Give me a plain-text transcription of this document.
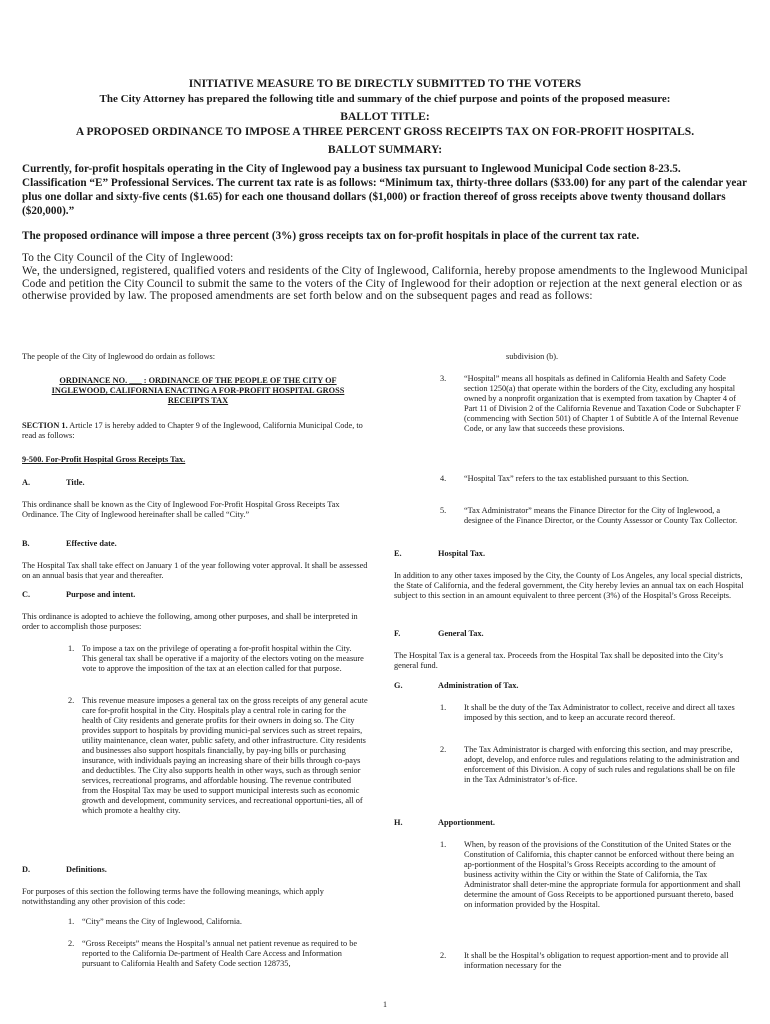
INITIATIVE MEASURE TO BE DIRECTLY SUBMITTED TO THE VOTERS
The City Attorney has prepared the following title and summary of the chief purpose and points of the proposed measure:
BALLOT TITLE:
A PROPOSED ORDINANCE TO IMPOSE A THREE PERCENT GROSS RECEIPTS TAX ON FOR-PROFIT HOSPITALS.
BALLOT SUMMARY:
Currently, for-profit hospitals operating in the City of Inglewood pay a business tax pursuant to Inglewood Municipal Code section 8-23.5. Classification “E” Professional Services. The current tax rate is as follows: “Minimum tax, thirty-three dollars ($33.00) for any part of the calendar year plus one dollar and sixty-five cents ($1.65) for each one thousand dollars ($1,000) or fraction thereof of gross receipts above twenty thousand dollars ($20,000).”
The proposed ordinance will impose a three percent (3%) gross receipts tax on for-profit hospitals in place of the current tax rate.
To the City Council of the City of Inglewood:
We, the undersigned, registered, qualified voters and residents of the City of Inglewood, California, hereby propose amendments to the Inglewood Municipal Code and petition the City Council to submit the same to the voters of the City of Inglewood for their adoption or rejection at the next general election or as otherwise provided by law. The proposed amendments are set forth below and on the subsequent pages and read as follows:
The people of the City of Inglewood do ordain as follows:
ORDINANCE NO. ___ : ORDINANCE OF THE PEOPLE OF THE CITY OF INGLEWOOD, CALIFORNIA ENACTING A FOR-PROFIT HOSPITAL GROSS RECEIPTS TAX
SECTION 1. Article 17 is hereby added to Chapter 9 of the Inglewood, California Municipal Code, to read as follows:
9-500. For-Profit Hospital Gross Receipts Tax.
A.	Title.
This ordinance shall be known as the City of Inglewood For-Profit Hospital Gross Receipts Tax Ordinance. The City of Inglewood hereinafter shall be called “City.”
B.	Effective date.
The Hospital Tax shall take effect on January 1 of the year following voter approval. It shall be assessed on an annual basis that year and thereafter.
C.	Purpose and intent.
This ordinance is adopted to achieve the following, among other purposes, and shall be interpreted in order to accomplish those purposes:
1. To impose a tax on the privilege of operating a for-profit hospital within the City. This general tax shall be operative if a majority of the electors voting on the measure vote to approve the imposition of the tax at an election called for that purpose.
2. This revenue measure imposes a general tax on the gross receipts of any general acute care for-profit hospital in the City. Hospitals play a central role in caring for the health of City residents and generate profits for their owners in doing so. The City provides support to hospitals by providing munici-pal services such as street repairs, utility maintenance, clean water, public safety, and other infrastructure. City residents and businesses also support hospitals financially, by pay-ing bills or purchasing insurance, with individuals paying an increasing share of their bills through co-pays and deductibles. The City also supports health in other ways, such as through senior services, recreational programs, and affordable housing. The revenue contributed from the Hospital Tax may be used to support municipal interests such as economic growth and development, community services, and recreational opportuni-ties, all of which promote a healthy city.
D.	Definitions.
For purposes of this section the following terms have the following meanings, which apply notwithstanding any other provision of this code:
1. “City” means the City of Inglewood, California.
2. “Gross Receipts” means the Hospital’s annual net patient revenue as required to be reported to the California De-partment of Health Care Access and Information pursuant to California Health and Safety Code section 128735,
subdivision (b).
3.	“Hospital” means all hospitals as defined in California Health and Safety Code section 1250(a) that operate within the borders of the City, excluding any hospital owned by a nonprofit organization that is exempted from taxation by Chapter 4 of Part 11 of Division 2 of the California Revenue and Taxation Code or Subchapter F (commencing with Section 501) of Chapter 1 of Subtitle A of the Internal Revenue Code, or any law that succeeds these provisions.
4.	“Hospital Tax” refers to the tax established pursuant to this Section.
5.	“Tax Administrator” means the Finance Director for the City of Inglewood, a designee of the Finance Director, or the County Assessor or County Tax Collector.
E.	Hospital Tax.
In addition to any other taxes imposed by the City, the County of Los Angeles, any local special districts, the State of California, and the federal government, the City hereby levies an annual tax on each Hospital subject to this section in an amount equivalent to three percent (3%) of the Hospital’s Gross Receipts.
F.	General Tax.
The Hospital Tax is a general tax. Proceeds from the Hospital Tax shall be deposited into the City’s general fund.
G.	Administration of Tax.
1.	It shall be the duty of the Tax Administrator to collect, receive and direct all taxes imposed by this section, and to keep an accurate record thereof.
2.	The Tax Administrator is charged with enforcing this section, and may prescribe, adopt, develop, and enforce rules and regulations relating to the administration and enforcement of this Division. A copy of such rules and regulations shall be on file in the Tax Administrator’s of-fice.
H.	Apportionment.
1.	When, by reason of the provisions of the Constitution of the United States or the Constitution of California, this chapter cannot be enforced without there being an ap-portionment of the Hospital’s Gross Receipts according to the amount of business activity within the City or within the State of California, the Tax Administrator shall deter-mine the appropriate formula for apportionment and shall determine the amount of Goss Receipts to be apportioned pursuant thereto, based on information provided by the Hospital.
2.	It shall be the Hospital’s obligation to request apportion-ment and to provide all information necessary for the
1
